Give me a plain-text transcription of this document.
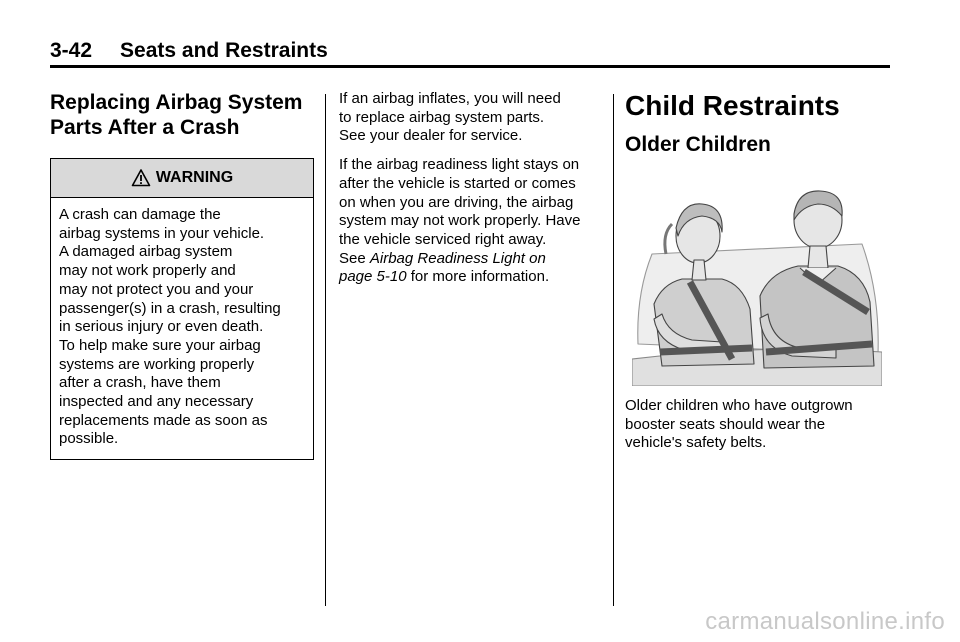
3-42 Seats and Restraints
Replacing Airbag System Parts After a Crash
WARNING
A crash can damage the
airbag systems in your vehicle.
A damaged airbag system
may not work properly and
may not protect you and your
passenger(s) in a crash, resulting
in serious injury or even death.
To help make sure your airbag
systems are working properly
after a crash, have them
inspected and any necessary
replacements made as soon as
possible.

If an airbag inflates, you will need
to replace airbag system parts.
See your dealer for service.

If the airbag readiness light stays on
after the vehicle is started or comes
on when you are driving, the airbag
system may not work properly. Have
the vehicle serviced right away.
See Airbag Readiness Light on
page 5-10 for more information.

Child Restraints
Older Children

Older children who have outgrown
booster seats should wear the
vehicle's safety belts.

carmanualsonline.info
